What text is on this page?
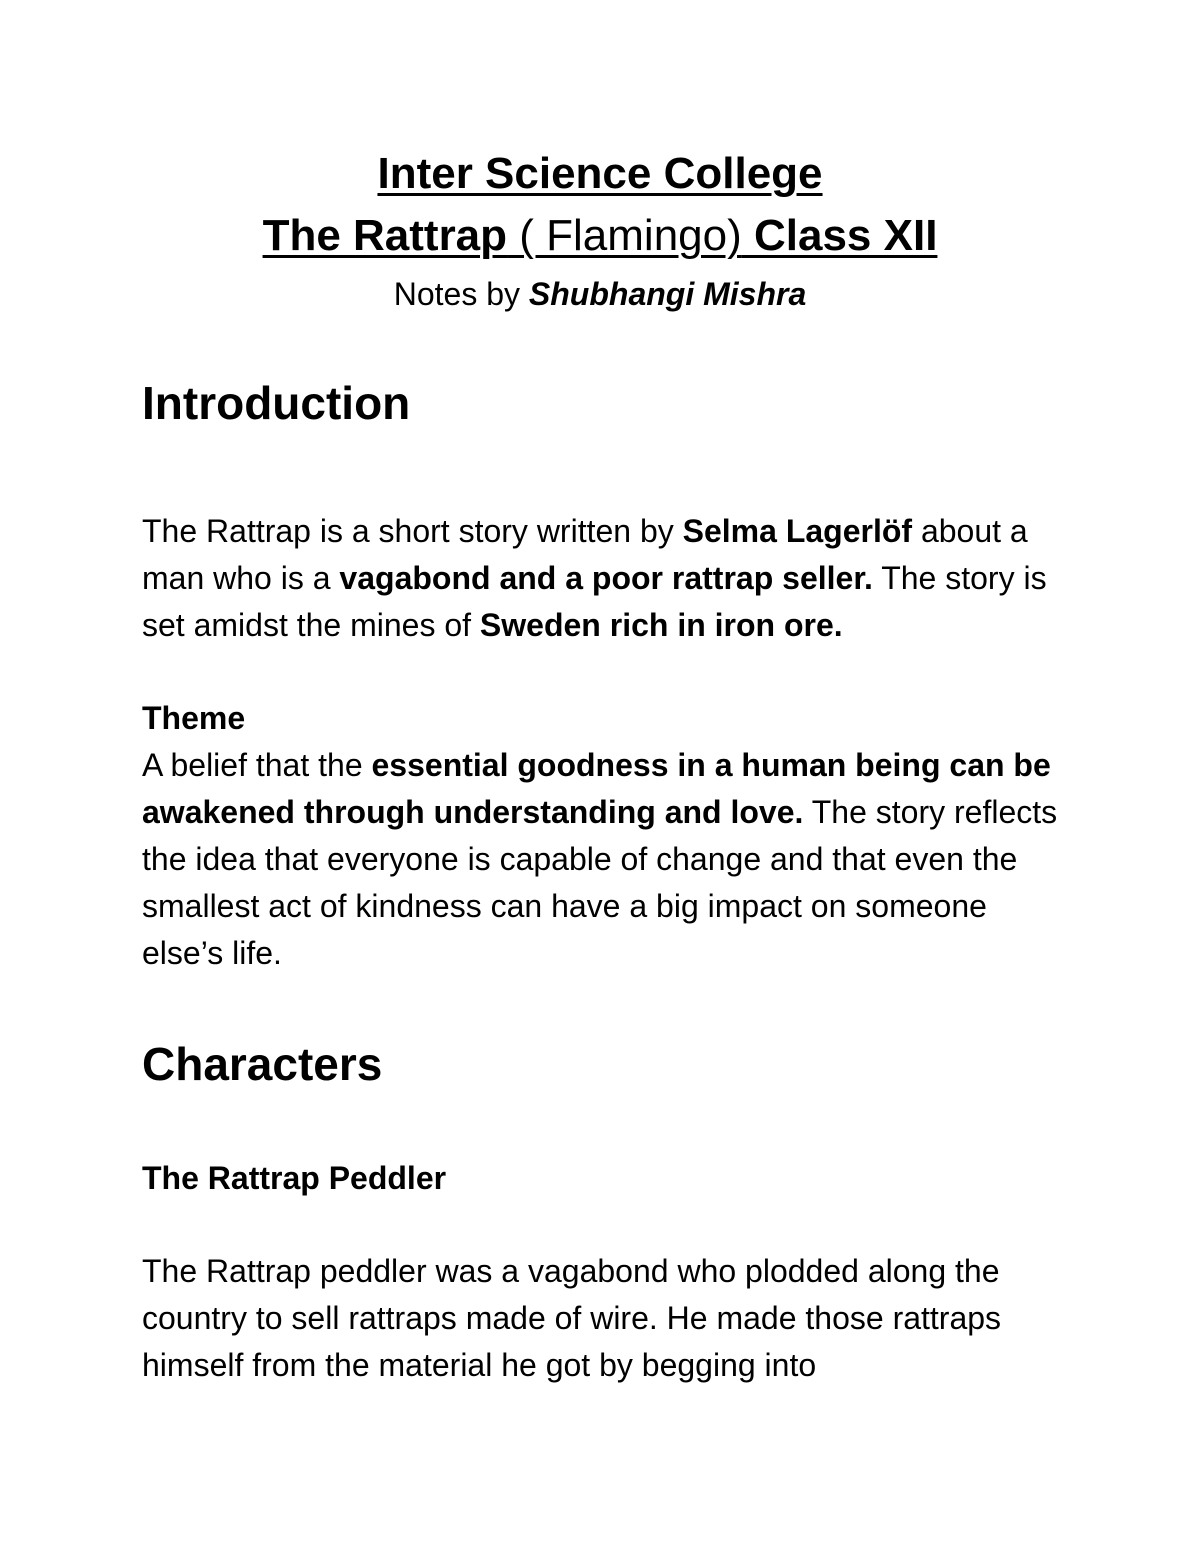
Inter Science College
The Rattrap ( Flamingo) Class XII
Notes by Shubhangi Mishra
Introduction

The Rattrap is a short story written by Selma Lagerlöf about a man who is a vagabond and a poor rattrap seller. The story is set amidst the mines of Sweden rich in iron ore.

Theme

A belief that the essential goodness in a human being can be awakened through understanding and love. The story reflects the idea that everyone is capable of change and that even the smallest act of kindness can have a big impact on someone else’s life.

Characters
The Rattrap Peddler

The Rattrap peddler was a vagabond who plodded along the country to sell rattraps made of wire. He made those rattraps himself from the material he got by begging into
